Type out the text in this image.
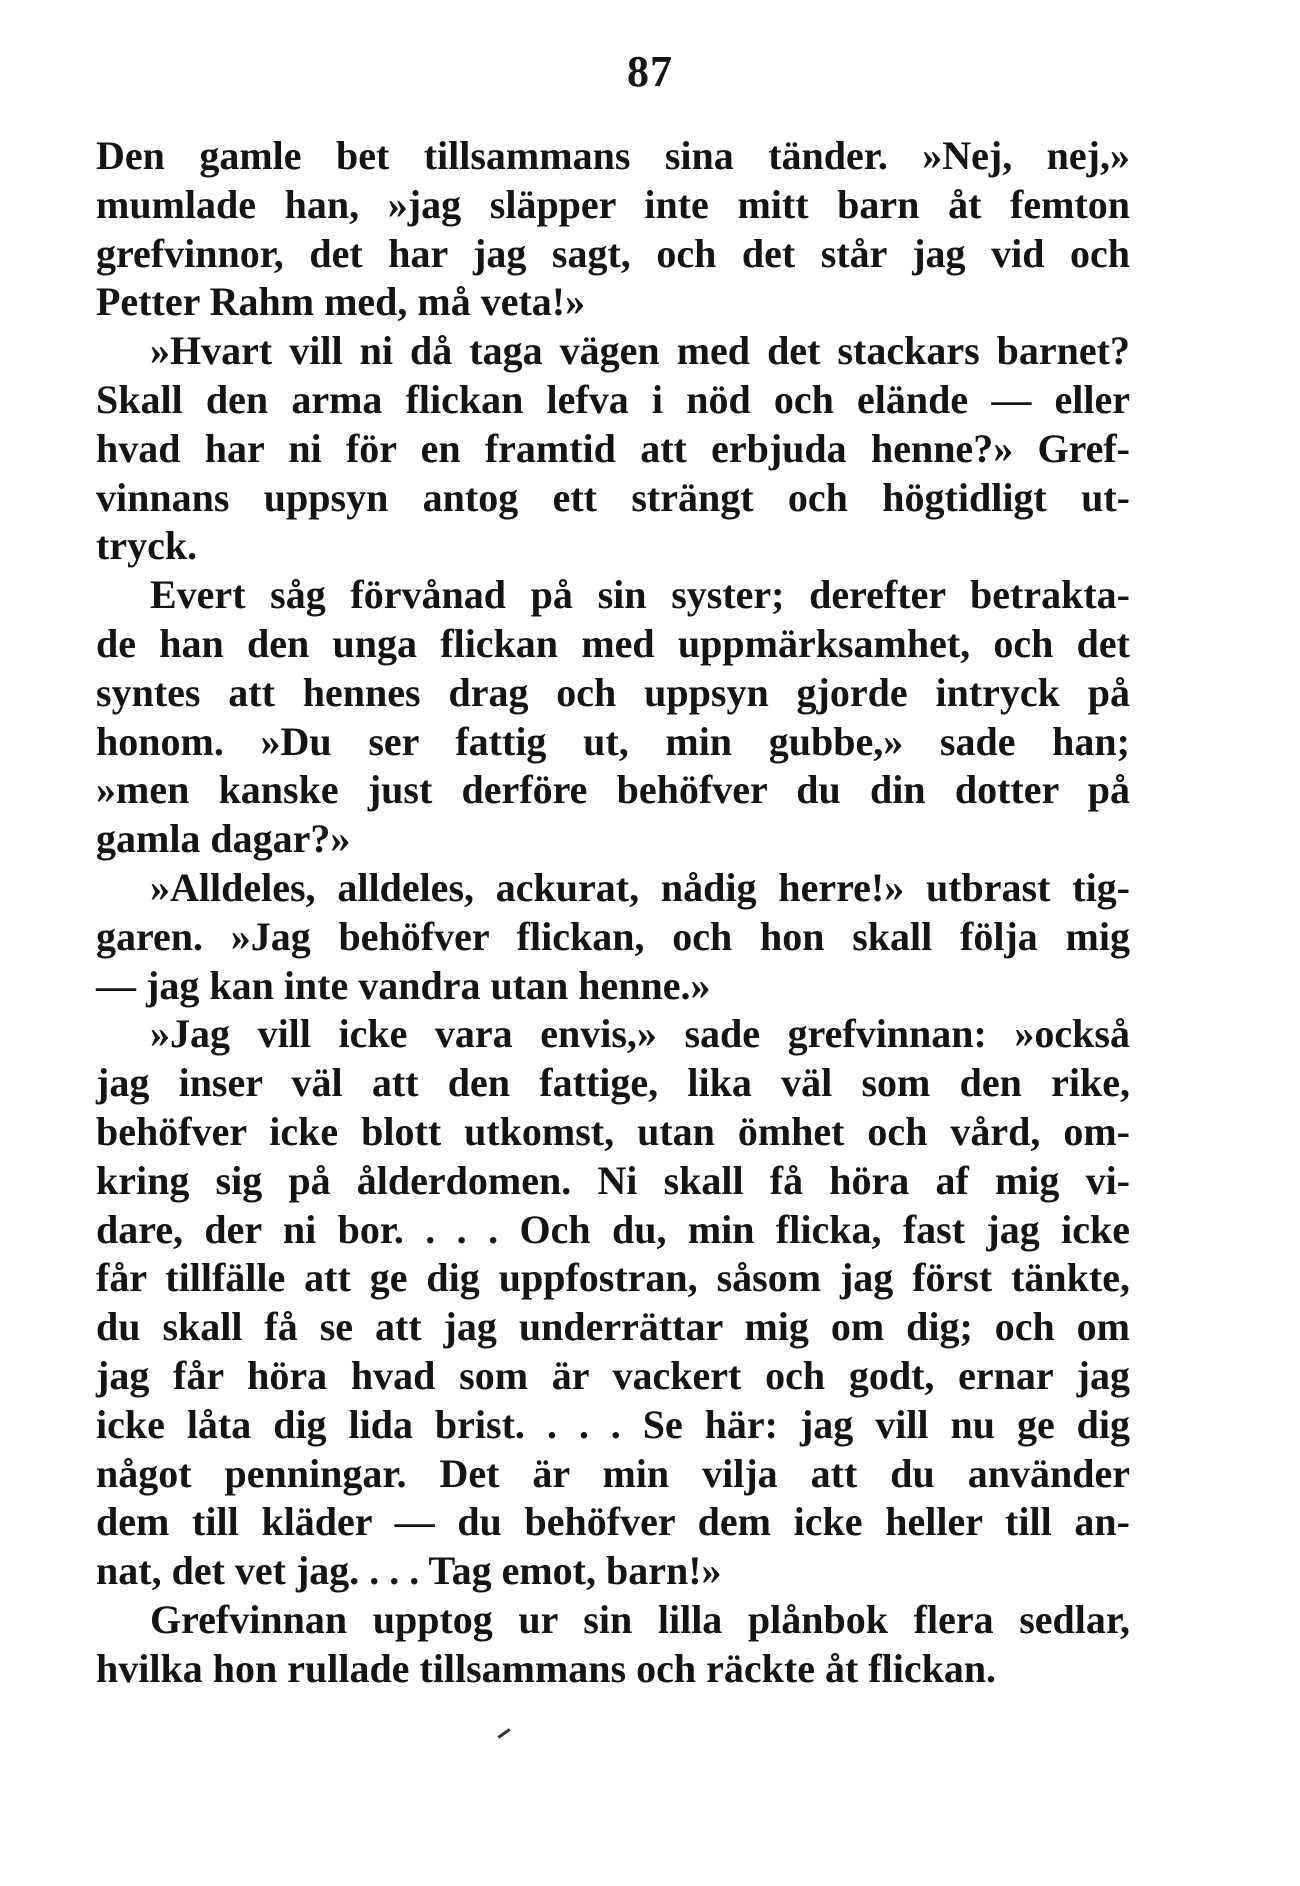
87
Den gamle bet tillsammans sina tänder. »Nej, nej,»
mumlade han, »jag släpper inte mitt barn åt femton
grefvinnor, det har jag sagt, och det står jag vid och
Petter Rahm med, må veta!»
»Hvart vill ni då taga vägen med det stackars barnet?
Skall den arma flickan lefva i nöd och elände — eller
hvad har ni för en framtid att erbjuda henne?» Gref-
vinnans uppsyn antog ett strängt och högtidligt ut-
tryck.
Evert såg förvånad på sin syster; derefter betrakta-
de han den unga flickan med uppmärksamhet, och det
syntes att hennes drag och uppsyn gjorde intryck på
honom. »Du ser fattig ut, min gubbe,» sade han;
»men kanske just derföre behöfver du din dotter på
gamla dagar?»
»Alldeles, alldeles, ackurat, nådig herre!» utbrast tig-
garen. »Jag behöfver flickan, och hon skall följa mig
— jag kan inte vandra utan henne.»
»Jag vill icke vara envis,» sade grefvinnan: »också
jag inser väl att den fattige, lika väl som den rike,
behöfver icke blott utkomst, utan ömhet och vård, om-
kring sig på ålderdomen. Ni skall få höra af mig vi-
dare, der ni bor. . . . Och du, min flicka, fast jag icke
får tillfälle att ge dig uppfostran, såsom jag först tänkte,
du skall få se att jag underrättar mig om dig; och om
jag får höra hvad som är vackert och godt, ernar jag
icke låta dig lida brist. . . . Se här: jag vill nu ge dig
något penningar. Det är min vilja att du använder
dem till kläder — du behöfver dem icke heller till an-
nat, det vet jag. . . . Tag emot, barn!»
Grefvinnan upptog ur sin lilla plånbok flera sedlar,
hvilka hon rullade tillsammans och räckte åt flickan.
